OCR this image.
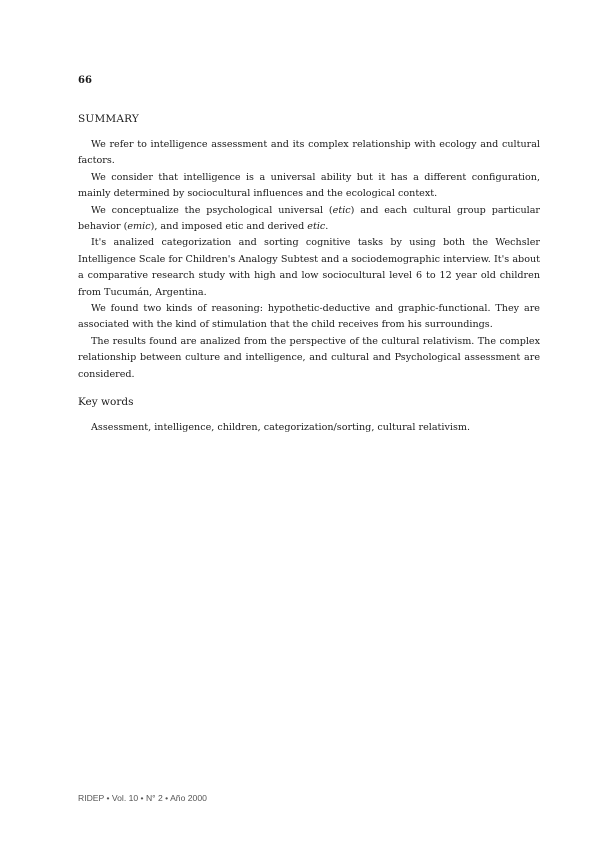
66
SUMMARY

We refer to intelligence assessment and its complex relationship with ecology and cultural factors.

We consider that intelligence is a universal ability but it has a different configuration, mainly determined by sociocultural influences and the ecological context.

We conceptualize the psychological universal (etic) and each cultural group particular behavior (emic), and imposed etic and derived etic.

It's analized categorization and sorting cognitive tasks by using both the Wechsler Intelligence Scale for Children's Analogy Subtest and a sociodemographic interview. It's about a comparative research study with high and low sociocultural level 6 to 12 year old children from Tucumán, Argentina.

We found two kinds of reasoning: hypothetic-deductive and graphic-functional. They are associated with the kind of stimulation that the child receives from his surroundings.

The results found are analized from the perspective of the cultural relativism. The complex relationship between culture and intelligence, and cultural and Psychological assessment are considered.

Key words
Assessment, intelligence, children, categorization/sorting, cultural relativism.
RIDEP • Vol. 10 • N° 2 • Año 2000
